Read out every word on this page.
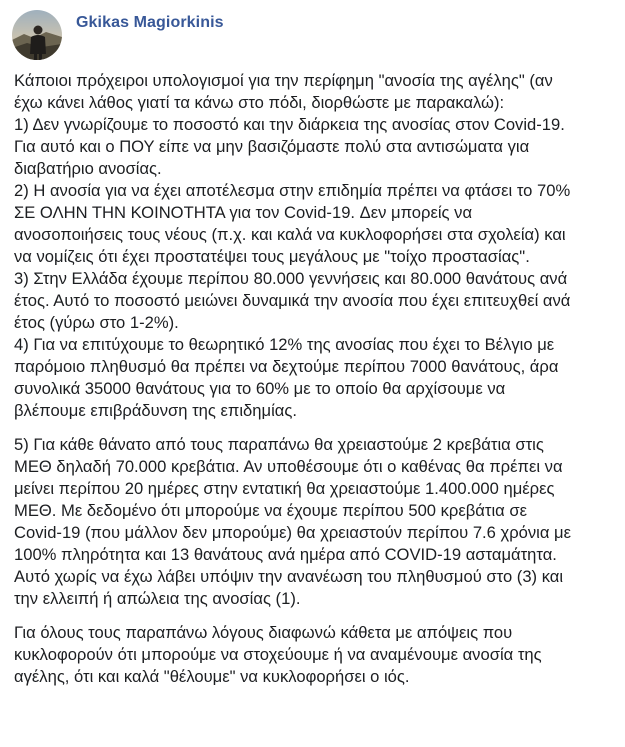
Gkikas Magiorkinis
Κάποιοι πρόχειροι υπολογισμοί για την περίφημη "ανοσία της αγέλης" (αν
έχω κάνει λάθος γιατί τα κάνω στο πόδι, διορθώστε με παρακαλώ):
1) Δεν γνωρίζουμε το ποσοστό και την διάρκεια της ανοσίας στον Covid-19.
Για αυτό και ο ΠΟΥ είπε να μην βασιζόμαστε πολύ στα αντισώματα για
διαβατήριο ανοσίας.
2) Η ανοσία για να έχει αποτέλεσμα στην επιδημία πρέπει να φτάσει το 70%
ΣΕ ΟΛΗΝ ΤΗΝ ΚΟΙΝΟΤΗΤΑ για τον Covid-19. Δεν μπορείς να
ανοσοποιήσεις τους νέους (π.χ. και καλά να κυκλοφορήσει στα σχολεία) και
να νομίζεις ότι έχει προστατέψει τους μεγάλους με "τοίχο προστασίας".
3) Στην Ελλάδα έχουμε περίπου 80.000 γεννήσεις και 80.000 θανάτους ανά
έτος. Αυτό το ποσοστό μειώνει δυναμικά την ανοσία που έχει επιτευχθεί ανά
έτος (γύρω στο 1-2%).
4) Για να επιτύχουμε το θεωρητικό 12% της ανοσίας που έχει το Βέλγιο με
παρόμοιο πληθυσμό θα πρέπει να δεχτούμε περίπου 7000 θανάτους, άρα
συνολικά 35000 θανάτους για το 60% με το οποίο θα αρχίσουμε να
βλέπουμε επιβράδυνση της επιδημίας.
5) Για κάθε θάνατο από τους παραπάνω θα χρειαστούμε 2 κρεβάτια στις
ΜΕΘ δηλαδή 70.000 κρεβάτια. Αν υποθέσουμε ότι ο καθένας θα πρέπει να
μείνει περίπου 20 ημέρες στην εντατική θα χρειαστούμε 1.400.000 ημέρες
ΜΕΘ. Με δεδομένο ότι μπορούμε να έχουμε περίπου 500 κρεβάτια σε
Covid-19 (που μάλλον δεν μπορούμε) θα χρειαστούν περίπου 7.6 χρόνια με
100% πληρότητα και 13 θανάτους ανά ημέρα από COVID-19 ασταμάτητα.
Αυτό χωρίς να έχω λάβει υπόψιν την ανανέωση του πληθυσμού στο (3) και
την ελλειπή ή απώλεια της ανοσίας (1).
Για όλους τους παραπάνω λόγους διαφωνώ κάθετα με απόψεις που
κυκλοφορούν ότι μπορούμε να στοχεύουμε ή να αναμένουμε ανοσία της
αγέλης, ότι και καλά "θέλουμε" να κυκλοφορήσει ο ιός.
